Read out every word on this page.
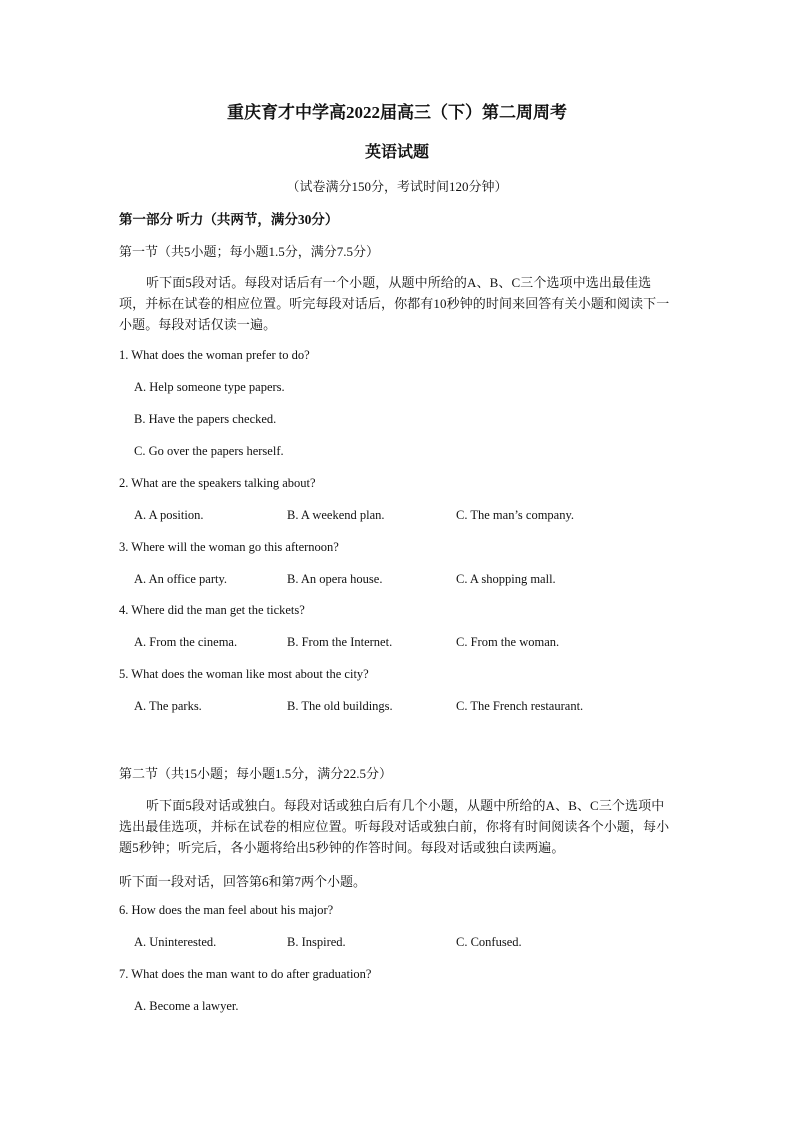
重庆育才中学高2022届高三（下）第二周周考
英语试题
（试卷满分150分，考试时间120分钟）
第一部分 听力（共两节，满分30分）
第一节（共5小题；每小题1.5分，满分7.5分）
听下面5段对话。每段对话后有一个小题，从题中所给的A、B、C三个选项中选出最佳选项，并标在试卷的相应位置。听完每段对话后，你都有10秒钟的时间来回答有关小题和阅读下一小题。每段对话仅读一遍。
1. What does the woman prefer to do?
A. Help someone type papers.
B. Have the papers checked.
C. Go over the papers herself.
2. What are the speakers talking about?
A. A position.	B. A weekend plan.	C. The man’s company.
3. Where will the woman go this afternoon?
A. An office party.	B. An opera house.	C. A shopping mall.
4. Where did the man get the tickets?
A. From the cinema.	B. From the Internet.	C. From the woman.
5. What does the woman like most about the city?
A. The parks.	B. The old buildings.	C. The French restaurant.
第二节（共15小题；每小题1.5分，满分22.5分）
听下面5段对话或独白。每段对话或独白后有几个小题，从题中所给的A、B、C三个选项中选出最佳选项，并标在试卷的相应位置。听每段对话或独白前，你将有时间阅读各个小题，每小题5秒钟；听完后，各小题将给出5秒钟的作答时间。每段对话或独白读两遍。
听下面一段对话，回答第6和第7两个小题。
6. How does the man feel about his major?
A. Uninterested.	B. Inspired.	C. Confused.
7. What does the man want to do after graduation?
A. Become a lawyer.
